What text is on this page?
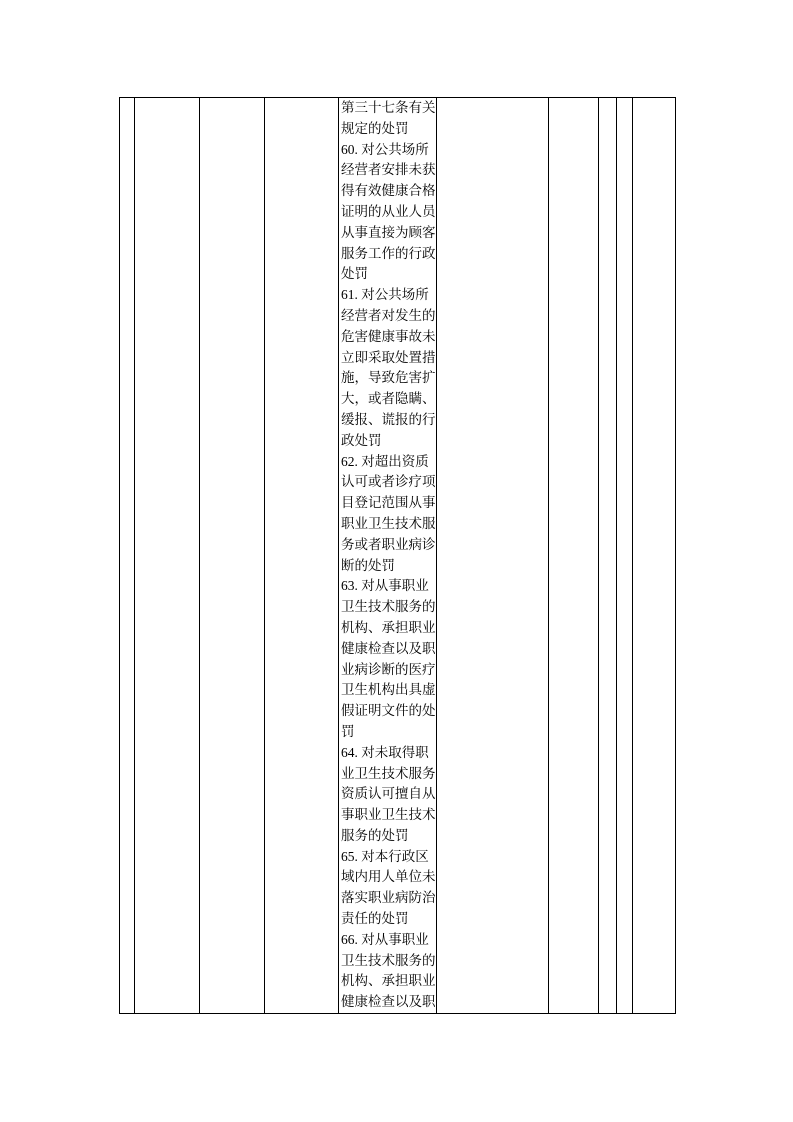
第三十七条有关
规定的处罚
60. 对公共场所
经营者安排未获
得有效健康合格
证明的从业人员
从事直接为顾客
服务工作的行政
处罚
61. 对公共场所
经营者对发生的
危害健康事故未
立即采取处置措
施，导致危害扩
大，或者隐瞒、
缓报、谎报的行
政处罚
62. 对超出资质
认可或者诊疗项
目登记范围从事
职业卫生技术服
务或者职业病诊
断的处罚
63. 对从事职业
卫生技术服务的
机构、承担职业
健康检查以及职
业病诊断的医疗
卫生机构出具虚
假证明文件的处
罚
64. 对未取得职
业卫生技术服务
资质认可擅自从
事职业卫生技术
服务的处罚
65. 对本行政区
域内用人单位未
落实职业病防治
责任的处罚
66. 对从事职业
卫生技术服务的
机构、承担职业
健康检查以及职
